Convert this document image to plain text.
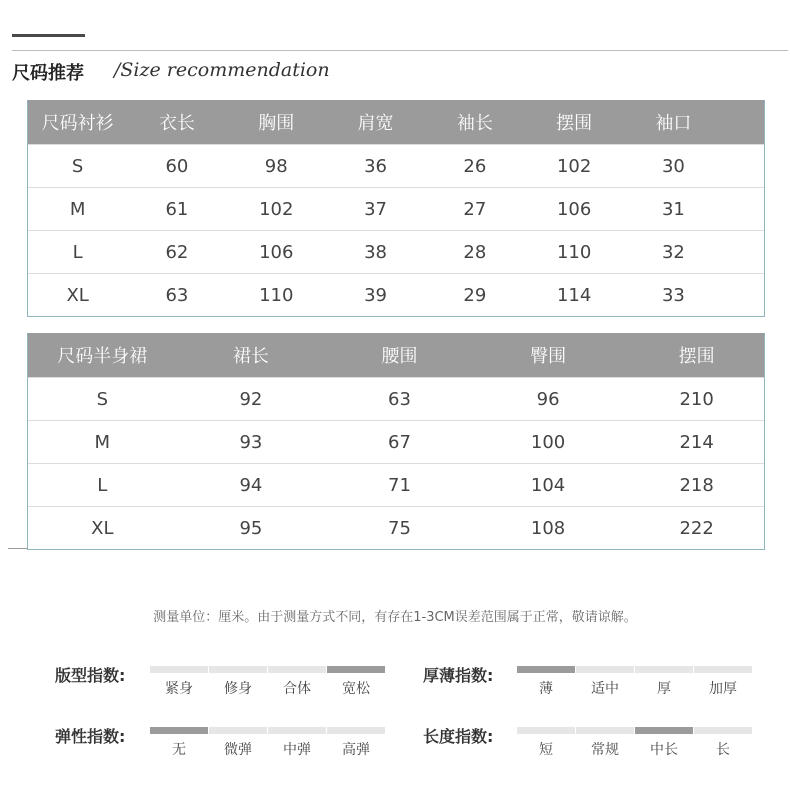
尺码推荐 /Size recommendation
尺码衬衫	衣长	胸围	肩宽	袖长	摆围	袖口
S	60	98	36	26	102	30
M	61	102	37	27	106	31
L	62	106	38	28	110	32
XL	63	110	39	29	114	33
尺码半身裙	裙长	腰围	臀围	摆围
S	92	63	96	210
M	93	67	100	214
L	94	71	104	218
XL	95	75	108	222
测量单位：厘米。由于测量方式不同，有存在1-3CM误差范围属于正常，敬请谅解。
版型指数:
紧身 修身 合体 宽松
厚薄指数:
薄	适中	厚	加厚
弹性指数:
无	微弹 中弹 高弹
长度指数:
短	常规 中长	长
